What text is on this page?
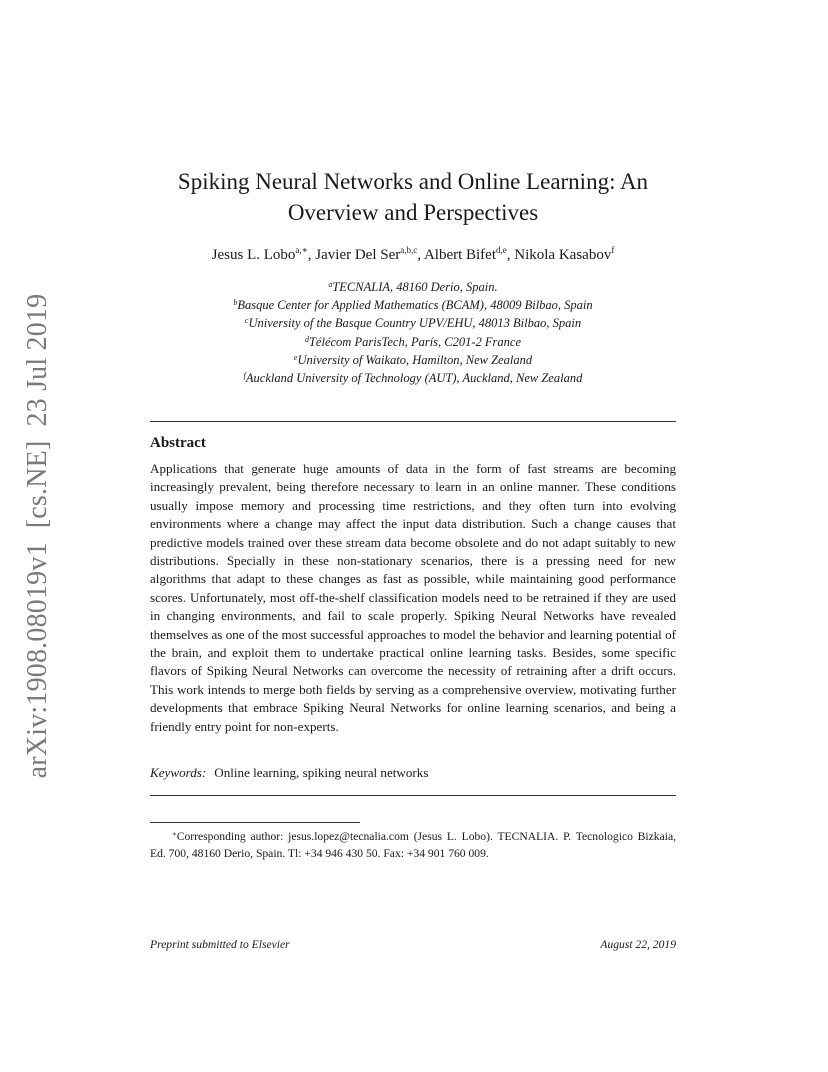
arXiv:1908.08019v1[cs.NE]23 Jul 2019
Spiking Neural Networks and Online Learning: An
Overview and Perspectives
Jesus L. Lobo$^{a,∗}$, Javier Del Ser$^{a,b,c}$, Albert Bifet$^{d,e}$, Nikola Kasabov$^f$
$^a$TECNALIA, 48160 Derio, Spain.
$^b$Basque Center for Applied Mathematics (BCAM), 48009 Bilbao, Spain
$^c$University of the Basque Country UPV/EHU, 48013 Bilbao, Spain
$^d$Télécom ParisTech, París, C201-2 France
$^e$University of Waikato, Hamilton, New Zealand
$^f$Auckland University of Technology (AUT), Auckland, New Zealand
Abstract
Applications that generate huge amounts of data in the form of fast streams are becoming increasingly prevalent, being therefore necessary to learn in an online manner. These conditions usually impose memory and processing time restrictions, and they often turn into evolving environments where a change may affect the input data distribution. Such a change causes that predictive models trained over these stream data become obsolete and do not adapt suitably to new distributions. Specially in these non-stationary scenarios, there is a pressing need for new algorithms that adapt to these changes as fast as possible, while maintaining good performance scores. Unfortunately, most off-the-shelf classification models need to be retrained if they are used in changing environments, and fail to scale properly. Spiking Neural Networks have revealed themselves as one of the most successful approaches to model the behavior and learning potential of the brain, and exploit them to undertake practical online learning tasks. Besides, some specific flavors of Spiking Neural Networks can overcome the necessity of retraining after a drift occurs. This work intends to merge both fields by serving as a comprehensive overview, motivating further developments that embrace Spiking Neural Networks for online learning scenarios, and being a friendly entry point for non-experts.
Keywords: Online learning, spiking neural networks
∗Corresponding author: jesus.lopez@tecnalia.com (Jesus L. Lobo). TECNALIA. P. Tecnologico Bizkaia, Ed. 700, 48160 Derio, Spain. Tl: +34 946 430 50. Fax: +34 901 760 009.
Preprint submitted to Elsevier	August 22, 2019
